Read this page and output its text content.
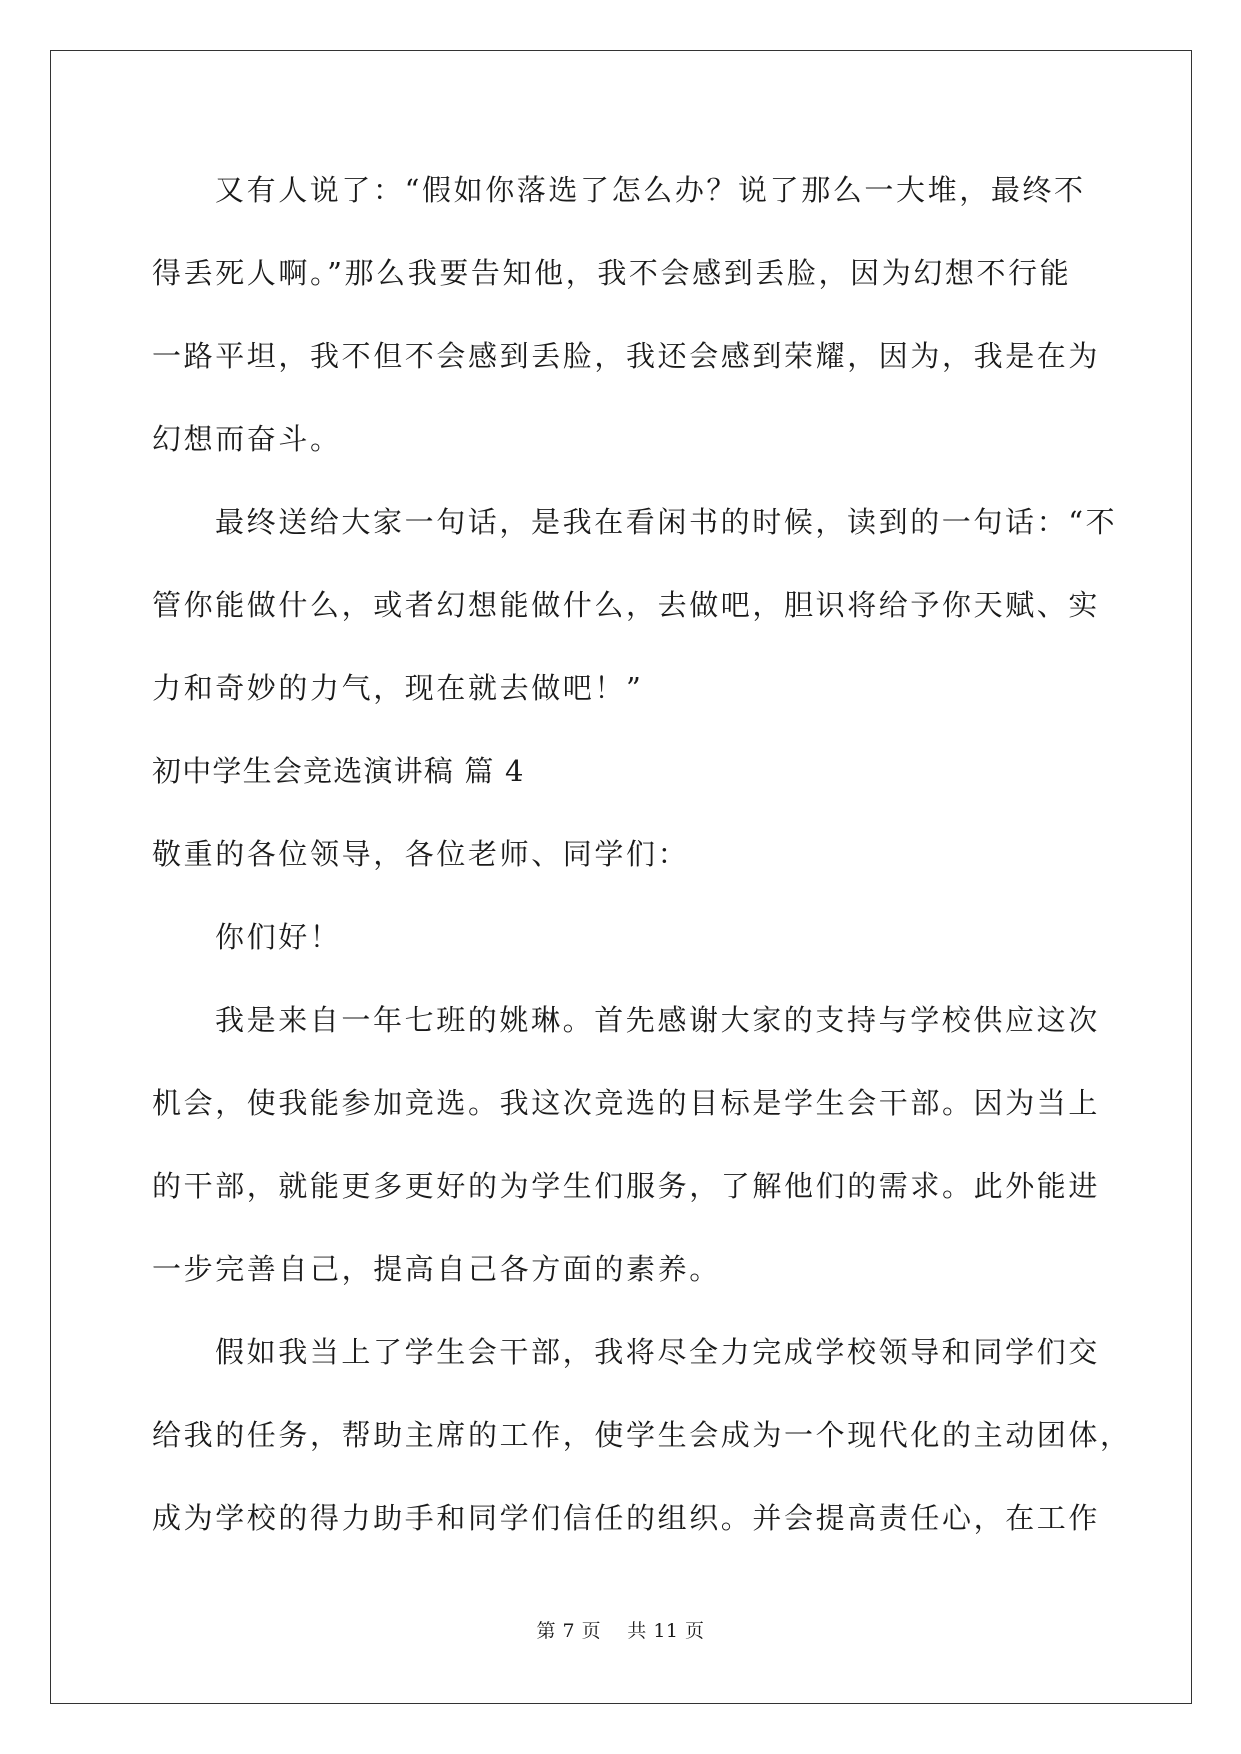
又有人说了：“假如你落选了怎么办？说了那么一大堆，最终不
得丢死人啊。”那么我要告知他，我不会感到丢脸，因为幻想不行能
一路平坦，我不但不会感到丢脸，我还会感到荣耀，因为，我是在为
幻想而奋斗。
最终送给大家一句话，是我在看闲书的时候，读到的一句话：“不
管你能做什么，或者幻想能做什么，去做吧，胆识将给予你天赋、实
力和奇妙的力气，现在就去做吧！”
初中学生会竞选演讲稿 篇 4
敬重的各位领导，各位老师、同学们：
你们好！
我是来自一年七班的姚琳。首先感谢大家的支持与学校供应这次
机会，使我能参加竞选。我这次竞选的目标是学生会干部。因为当上
的干部，就能更多更好的为学生们服务，了解他们的需求。此外能进
一步完善自己，提高自己各方面的素养。
假如我当上了学生会干部，我将尽全力完成学校领导和同学们交
给我的任务，帮助主席的工作，使学生会成为一个现代化的主动团体，
成为学校的得力助手和同学们信任的组织。并会提高责任心，在工作
第 7 页    共 11 页
